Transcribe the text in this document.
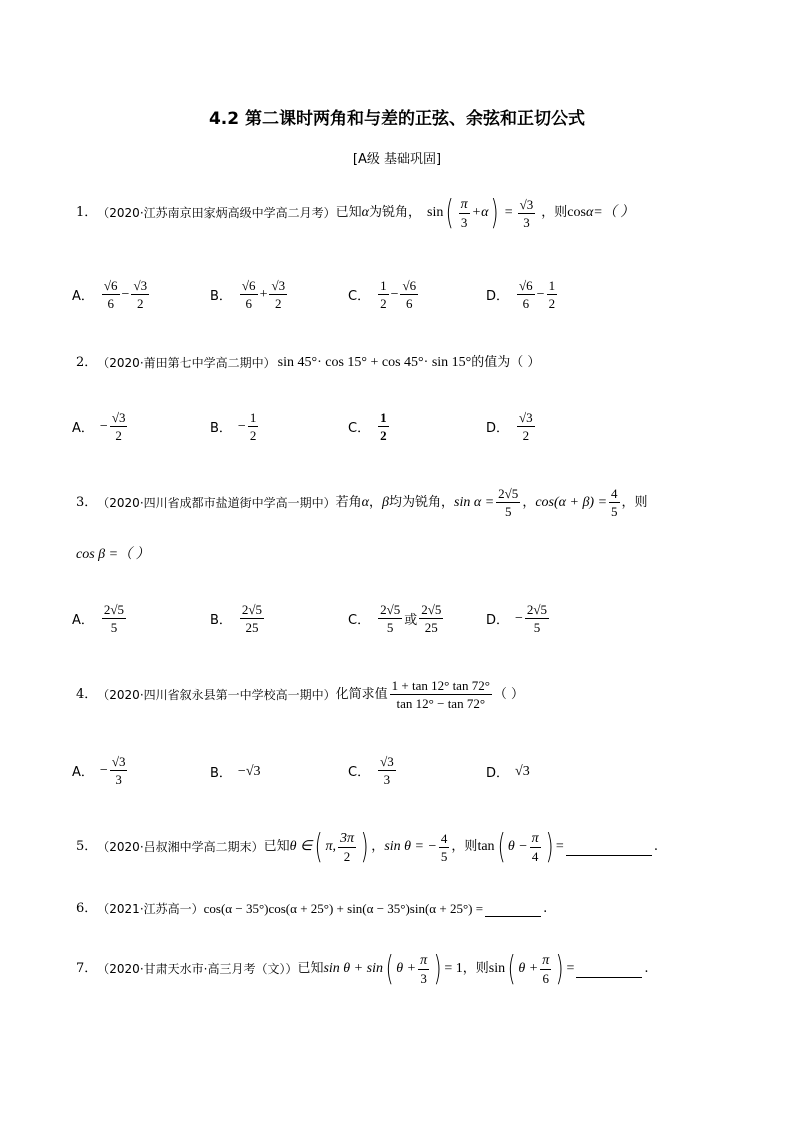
4.2 第二课时两角和与差的正弦、余弦和正切公式
[A级 基础巩固]
1． （2020·江苏南京田家炳高级中学高二月考） 已知 α 为锐角， sin ( $\frac{\pi}{3} +\alpha$ ) = $\frac{√3}{3}$ ，则 cos α=（ ）
A． $\frac{√6}{6} - \frac{√3}{2}$	B． $\frac{√6}{6} + \frac{√3}{2}$	C． $\frac{1}{2} - \frac{√6}{6}$	D． $\frac{√6}{6} - \frac{1}{2}$
2． （2020·莆田第七中学高二期中） sin 45°· cos 15° + cos 45°· sin 15° 的值为（ ）
A． − $\frac{√3}{2}$	B． − $\frac{1}{2}$	C． $\frac{1}{2}$	D． $\frac{√3}{2}$
3． （2020·四川省成都市盐道街中学高一期中） 若角 α ， β 均为锐角， $\sin \alpha = \frac{2√5}{5}$ ， $\cos(\alpha + \beta) = \frac{4}{5}$ ，则
cos β =（ ）
A． $\frac{2√5}{5}$	B． $\frac{2√5}{25}$	C． $\frac{2√5}{5}$ 或 $\frac{2√5}{25}$	D． − $\frac{2√5}{5}$
4． （2020·四川省叙永县第一中学校高一期中） 化简求值 $\frac{1 + \tan 12^\circ \tan 72^\circ}{\tan 12^\circ - \tan 72^\circ}$ （ ）
A． − $\frac{√3}{3}$	B． −√3	C． $\frac{√3}{3}$	D． √3
5． （2020·吕叔湘中学高二期末） 已知 θ ∈ ( π, $\frac{3\pi}{2}$ ) ， sin θ = − $\frac{4}{5}$ ，则 tan ( $\theta - \frac{\pi}{4}$ ) =	.
6． （2021·江苏高一） cos(α − 35°)cos(α + 25°) + sin(α − 35°)sin(α + 25°) =	.
7． （2020·甘肃天水市·高三月考（文）） 已知 sin θ + sin ( $\theta + \frac{\pi}{3}$ ) = 1 ，则 sin ( $\theta + \frac{\pi}{6}$ ) =	.
